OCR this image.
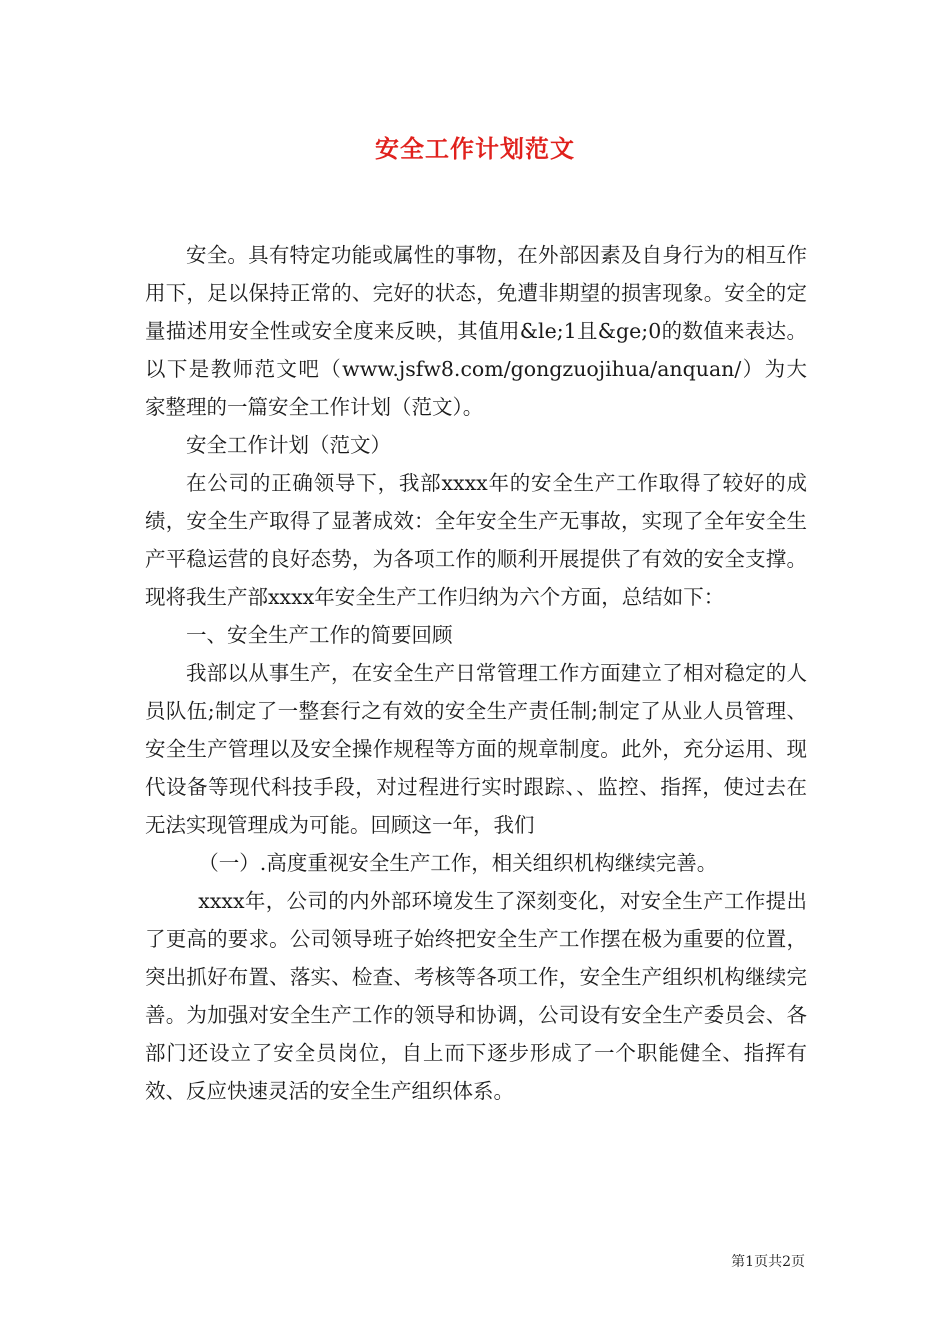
安全工作计划范文

安全。具有特定功能或属性的事物，在外部因素及自身行为的相互作用下，足以保持正常的、完好的状态，免遭非期望的损害现象。安全的定量描述用安全性或安全度来反映，其值用&le;1且&ge;0的数值来表达。以下是教师范文吧（www.jsfw8.com/gongzuojihua/anquan/）为大家整理的一篇安全工作计划（范文）。

安全工作计划（范文）

在公司的正确领导下，我部xxxx年的安全生产工作取得了较好的成绩，安全生产取得了显著成效：全年安全生产无事故，实现了全年安全生产平稳运营的良好态势，为各项工作的顺利开展提供了有效的安全支撑。现将我生产部xxxx年安全生产工作归纳为六个方面，总结如下：

一、安全生产工作的简要回顾

我部以从事生产，在安全生产日常管理工作方面建立了相对稳定的人员队伍;制定了一整套行之有效的安全生产责任制;制定了从业人员管理、安全生产管理以及安全操作规程等方面的规章制度。此外，充分运用、现代设备等现代科技手段，对过程进行实时跟踪、、监控、指挥，使过去在无法实现管理成为可能。回顾这一年，我们

（一）.高度重视安全生产工作，相关组织机构继续完善。

xxxx年，公司的内外部环境发生了深刻变化，对安全生产工作提出了更高的要求。公司领导班子始终把安全生产工作摆在极为重要的位置，突出抓好布置、落实、检查、考核等各项工作，安全生产组织机构继续完善。为加强对安全生产工作的领导和协调，公司设有安全生产委员会、各部门还设立了安全员岗位，自上而下逐步形成了一个职能健全、指挥有效、反应快速灵活的安全生产组织体系。

第1页共2页
